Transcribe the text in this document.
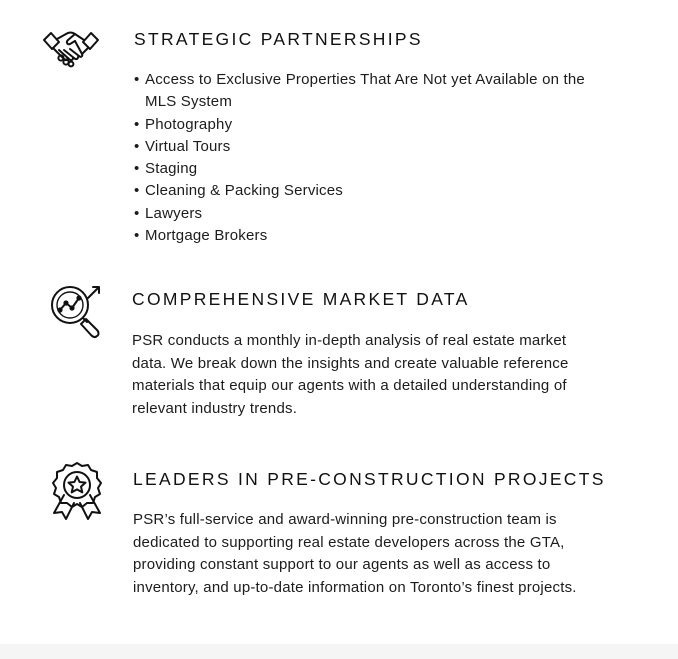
STRATEGIC PARTNERSHIPS
• Access to Exclusive Properties That Are Not yet Available on the MLS System
• Photography
• Virtual Tours
• Staging
• Cleaning & Packing Services
• Lawyers
• Mortgage Brokers
COMPREHENSIVE MARKET DATA

PSR conducts a monthly in-depth analysis of real estate market data. We break down the insights and create valuable reference materials that equip our agents with a detailed understanding of relevant industry trends.

LEADERS IN PRE-CONSTRUCTION PROJECTS

PSR’s full-service and award-winning pre-construction team is dedicated to supporting real estate developers across the GTA, providing constant support to our agents as well as access to inventory, and up-to-date information on Toronto’s finest projects.
